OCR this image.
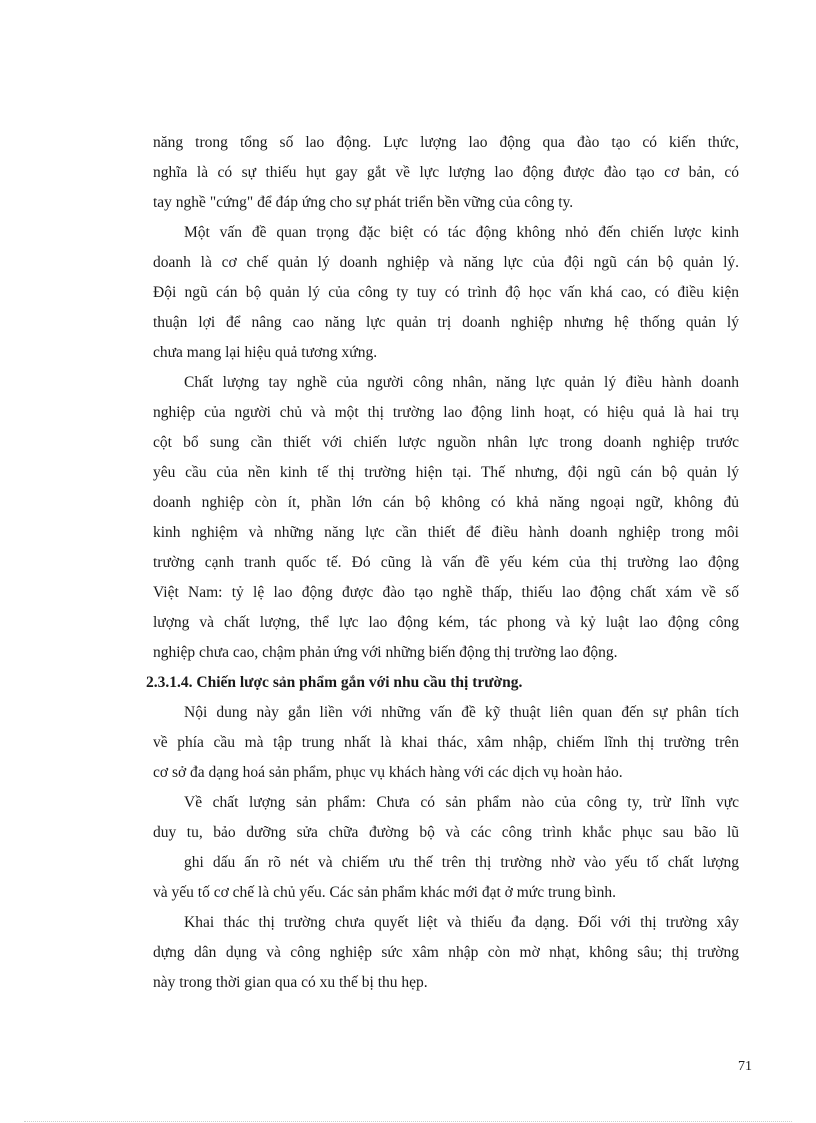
năng trong tổng số lao động. Lực lượng lao động qua đào tạo có kiến thức,
nghĩa là có sự thiếu hụt gay gắt về lực lượng lao động được đào tạo cơ bản, có
tay nghề "cứng" để đáp ứng cho sự phát triển bền vững của công ty.
Một vấn đề quan trọng đặc biệt có tác động không nhỏ đến chiến lược kinh
doanh là cơ chế quản lý doanh nghiệp và năng lực của đội ngũ cán bộ quản lý.
Đội ngũ cán bộ quản lý của công ty tuy có trình độ học vấn khá cao, có điều kiện
thuận lợi để nâng cao năng lực quản trị doanh nghiệp nhưng hệ thống quản lý
chưa mang lại hiệu quả tương xứng.
Chất lượng tay nghề của người công nhân, năng lực quản lý điều hành doanh
nghiệp của người chủ và một thị trường lao động linh hoạt, có hiệu quả là hai trụ
cột bổ sung cần thiết với chiến lược nguồn nhân lực trong doanh nghiệp trước
yêu cầu của nền kinh tế thị trường hiện tại. Thế nhưng, đội ngũ cán bộ quản lý
doanh nghiệp còn ít, phần lớn cán bộ không có khả năng ngoại ngữ, không đủ
kinh nghiệm và những năng lực cần thiết để điều hành doanh nghiệp trong môi
trường cạnh tranh quốc tế. Đó cũng là vấn đề yếu kém của thị trường lao động
Việt Nam: tỷ lệ lao động được đào tạo nghề thấp, thiếu lao động chất xám về số
lượng và chất lượng, thể lực lao động kém, tác phong và kỷ luật lao động công
nghiệp chưa cao, chậm phản ứng với những biến động thị trường lao động.
2.3.1.4. Chiến lược sản phẩm gắn với nhu cầu thị trường.
Nội dung này gắn liền với những vấn đề kỹ thuật liên quan đến sự phân tích
về phía cầu mà tập trung nhất là khai thác, xâm nhập, chiếm lĩnh thị trường trên
cơ sở đa dạng hoá sản phẩm, phục vụ khách hàng với các dịch vụ hoàn hảo.
Về chất lượng sản phẩm: Chưa có sản phẩm nào của công ty, trừ lĩnh vực
duy tu, bảo dưỡng sửa chữa đường bộ và các công trình khắc phục sau bão lũ
ghi dấu ấn rõ nét và chiếm ưu thế trên thị trường nhờ vào yếu tố chất lượng
và yếu tố cơ chế là chủ yếu. Các sản phẩm khác mới đạt ở mức trung bình.
Khai thác thị trường chưa quyết liệt và thiếu đa dạng. Đối với thị trường xây
dựng dân dụng và công nghiệp sức xâm nhập còn mờ nhạt, không sâu; thị trường
này trong thời gian qua có xu thế bị thu hẹp.
71
